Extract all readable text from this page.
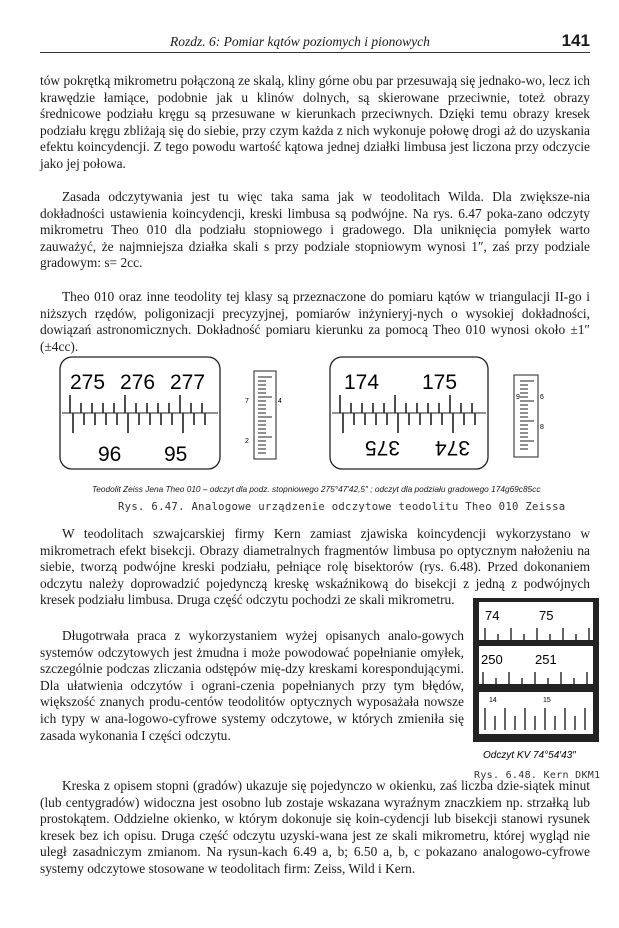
Rozdz. 6: Pomiar kątów poziomych i pionowych	141

tów pokrętką mikrometru połączoną ze skalą, kliny górne obu par przesuwają się jednako-wo, lecz ich krawędzie łamiące, podobnie jak u klinów dolnych, są skierowane przeciwnie, toteż obrazy średnicowe podziału kręgu są przesuwane w kierunkach przeciwnych. Dzięki temu obrazy kresek podziału kręgu zbliżają się do siebie, przy czym każda z nich wykonuje połowę drogi aż do uzyskania efektu koincydencji. Z tego powodu wartość kątowa jednej działki limbusa jest liczona przy odczycie jako jej połowa.

Zasada odczytywania jest tu więc taka sama jak w teodolitach Wilda. Dla zwiększe-nia dokładności ustawienia koincydencji, kreski limbusa są podwójne. Na rys. 6.47 poka-zano odczyty mikrometru Theo 010 dla podziału stopniowego i gradowego. Dla uniknięcia pomyłek warto zauważyć, że najmniejsza działka skali s przy podziale stopniowym wynosi 1″, zaś przy podziale gradowym: s= 2cc.

Theo 010 oraz inne teodolity tej klasy są przeznaczone do pomiaru kątów w triangulacji II-go i niższych rzędów, poligonizacji precyzyjnej, pomiarów inżynieryj-nych o wysokiej dokładności, dowiązań astronomicznych. Dokładność pomiaru kierunku za pomocą Theo 010 wynosi około ±1″ (±4cc).

275 276 277
96 95
7	4
2
174 175
375 374
9	6
8
Teodolit Zeiss Jena Theo 010 – odczyt dla podz. stopniowego 275°47′42,5″ ; odczyt dla podziału gradowego 174g69c85cc
Rys. 6.47. Analogowe urządzenie odczytowe teodolitu Theo 010 Zeissa

W teodolitach szwajcarskiej firmy Kern zamiast zjawiska koincydencji wykorzystano w mikrometrach efekt bisekcji. Obrazy diametralnych fragmentów limbusa po optycznym nałożeniu na siebie, tworzą podwójne kreski podziału, pełniące rolę bisektorów (rys. 6.48). Przed dokonaniem odczytu należy doprowadzić pojedynczą kreskę wskaźnikową do bisekcji z jedną z podwójnych kresek podziału limbusa. Druga część odczytu pochodzi ze skali mikrometru.

74	75
250 251
14	15
Odczyt KV 74°54′43″
Rys. 6.48. Kern DKM1

Długotrwała praca z wykorzystaniem wyżej opisanych analo-gowych systemów odczytowych jest żmudna i może powodować popełnianie omyłek, szczególnie podczas zliczania odstępów mię-dzy kreskami korespondującymi. Dla ułatwienia odczytów i ograni-czenia popełnianych przy tym błędów, większość znanych produ-centów teodolitów optycznych wyposażała nowsze ich typy w ana-logowo-cyfrowe systemy odczytowe, w których zmieniła się zasada wykonania I części odczytu.

Kreska z opisem stopni (gradów) ukazuje się pojedynczo w okienku, zaś liczba dzie-siątek minut (lub centygradów) widoczna jest osobno lub zostaje wskazana wyraźnym znaczkiem np. strzałką lub prostokątem. Oddzielne okienko, w którym dokonuje się koin-cydencji lub bisekcji stanowi rysunek kresek bez ich opisu. Druga część odczytu uzyski-wana jest ze skali mikrometru, której wygląd nie uległ zasadniczym zmianom. Na rysun-kach 6.49 a, b; 6.50 a, b, c pokazano analogowo-cyfrowe systemy odczytowe stosowane w teodolitach firm: Zeiss, Wild i Kern.
